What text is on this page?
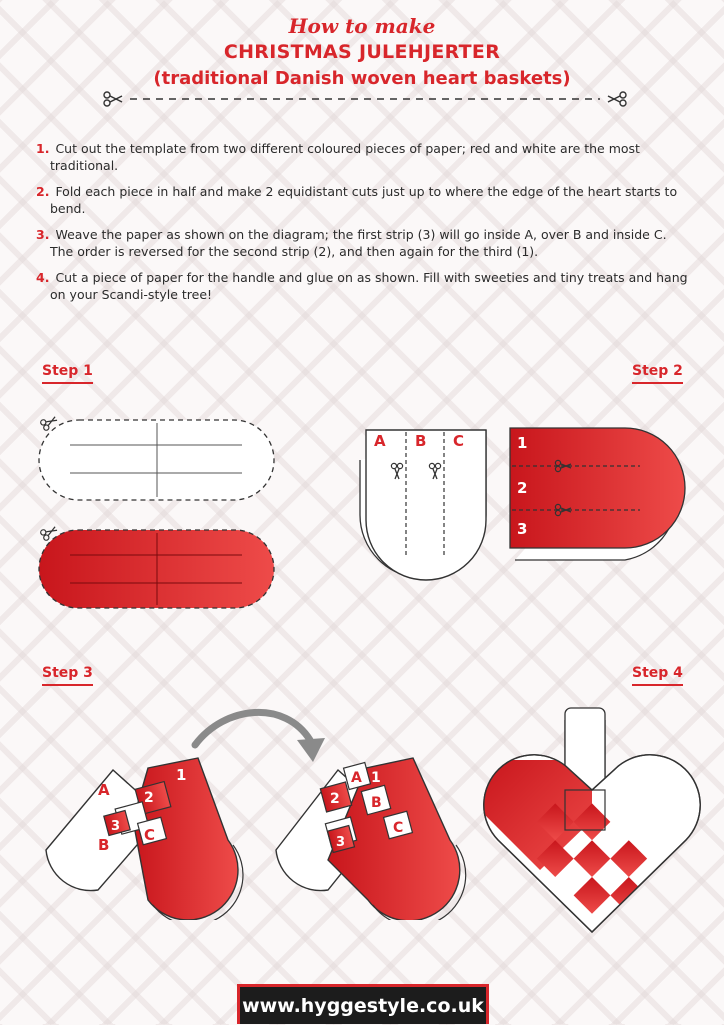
How to make
CHRISTMAS JULEHJERTER
(traditional Danish woven heart baskets)
1. Cut out the template from two different coloured pieces of paper; red and white are the most traditional.
2. Fold each piece in half and make 2 equidistant cuts just up to where the edge of the heart starts to bend.
3. Weave the paper as shown on the diagram; the first strip (3) will go inside A, over B and inside C. The order is reversed for the second strip (2), and then again for the third (1).
4. Cut a piece of paper for the handle and glue on as shown. Fill with sweeties and tiny treats and hang on your Scandi-style tree!
Step 1	Step 2
Step 3	Step 4
A B C	1
2
3
1
2
3
A
B
C
A 1
2 B
3
C
www.hyggestyle.co.uk
